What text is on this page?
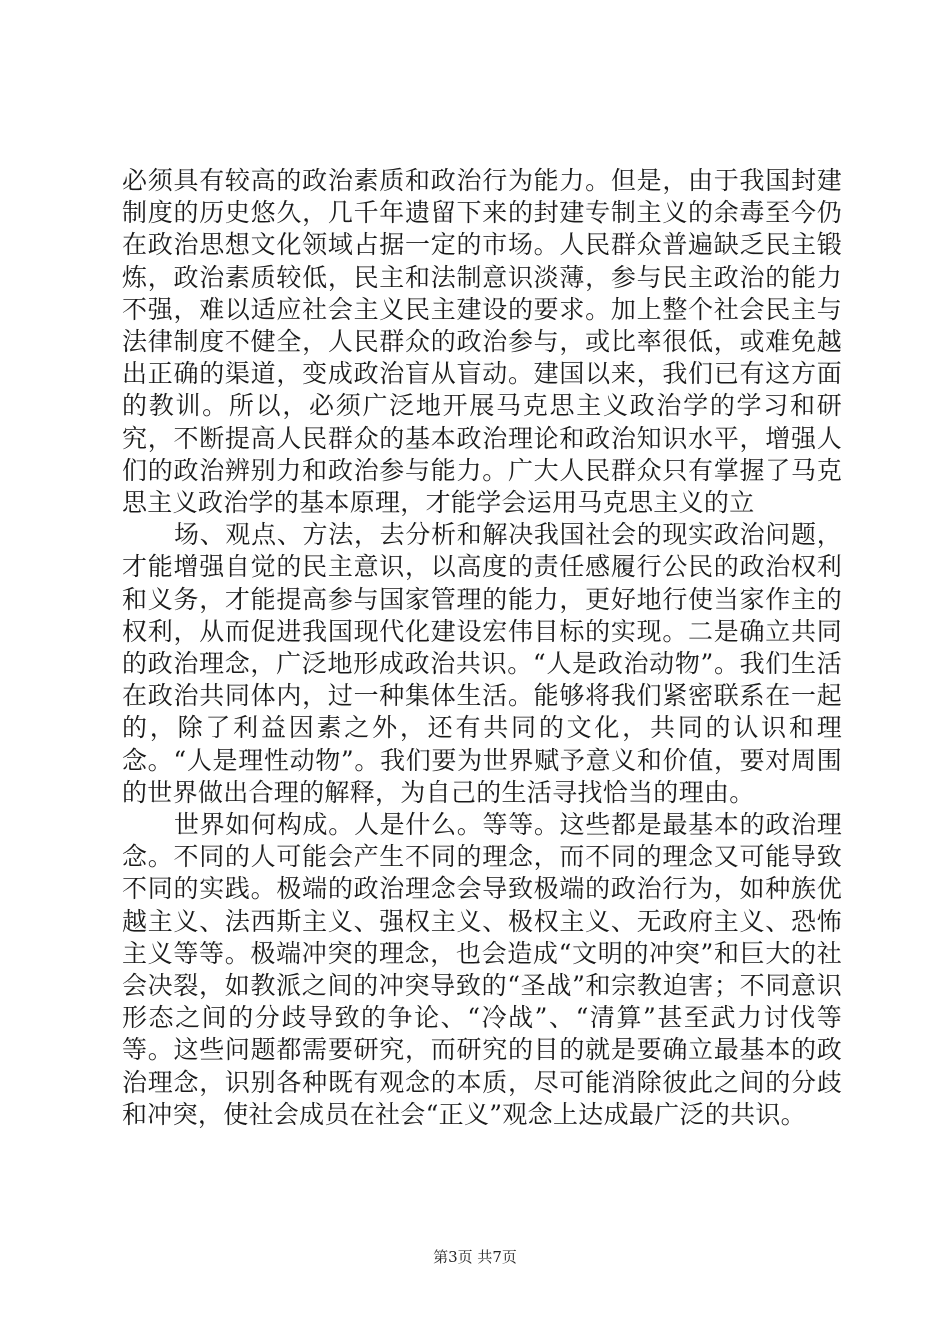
必须具有较高的政治素质和政治行为能力。但是，由于我国封建制度的历史悠久，几千年遗留下来的封建专制主义的余毒至今仍在政治思想文化领域占据一定的市场。人民群众普遍缺乏民主锻炼，政治素质较低，民主和法制意识淡薄，参与民主政治的能力不强，难以适应社会主义民主建设的要求。加上整个社会民主与法律制度不健全，人民群众的政治参与，或比率很低，或难免越出正确的渠道，变成政治盲从盲动。建国以来，我们已有这方面的教训。所以，必须广泛地开展马克思主义政治学的学习和研究，不断提高人民群众的基本政治理论和政治知识水平，增强人们的政治辨别力和政治参与能力。广大人民群众只有掌握了马克思主义政治学的基本原理，才能学会运用马克思主义的立

场、观点、方法，去分析和解决我国社会的现实政治问题，才能增强自觉的民主意识，以高度的责任感履行公民的政治权利和义务，才能提高参与国家管理的能力，更好地行使当家作主的权利，从而促进我国现代化建设宏伟目标的实现。二是确立共同的政治理念，广泛地形成政治共识。“人是政治动物”。我们生活在政治共同体内，过一种集体生活。能够将我们紧密联系在一起的，除了利益因素之外，还有共同的文化，共同的认识和理念。“人是理性动物”。我们要为世界赋予意义和价值，要对周围的世界做出合理的解释，为自己的生活寻找恰当的理由。

世界如何构成。人是什么。等等。这些都是最基本的政治理念。不同的人可能会产生不同的理念，而不同的理念又可能导致不同的实践。极端的政治理念会导致极端的政治行为，如种族优越主义、法西斯主义、强权主义、极权主义、无政府主义、恐怖主义等等。极端冲突的理念，也会造成“文明的冲突”和巨大的社会决裂，如教派之间的冲突导致的“圣战”和宗教迫害；不同意识形态之间的分歧导致的争论、“冷战”、“清算”甚至武力讨伐等等。这些问题都需要研究，而研究的目的就是要确立最基本的政治理念，识别各种既有观念的本质，尽可能消除彼此之间的分歧和冲突，使社会成员在社会“正义”观念上达成最广泛的共识。

第3页 共7页
